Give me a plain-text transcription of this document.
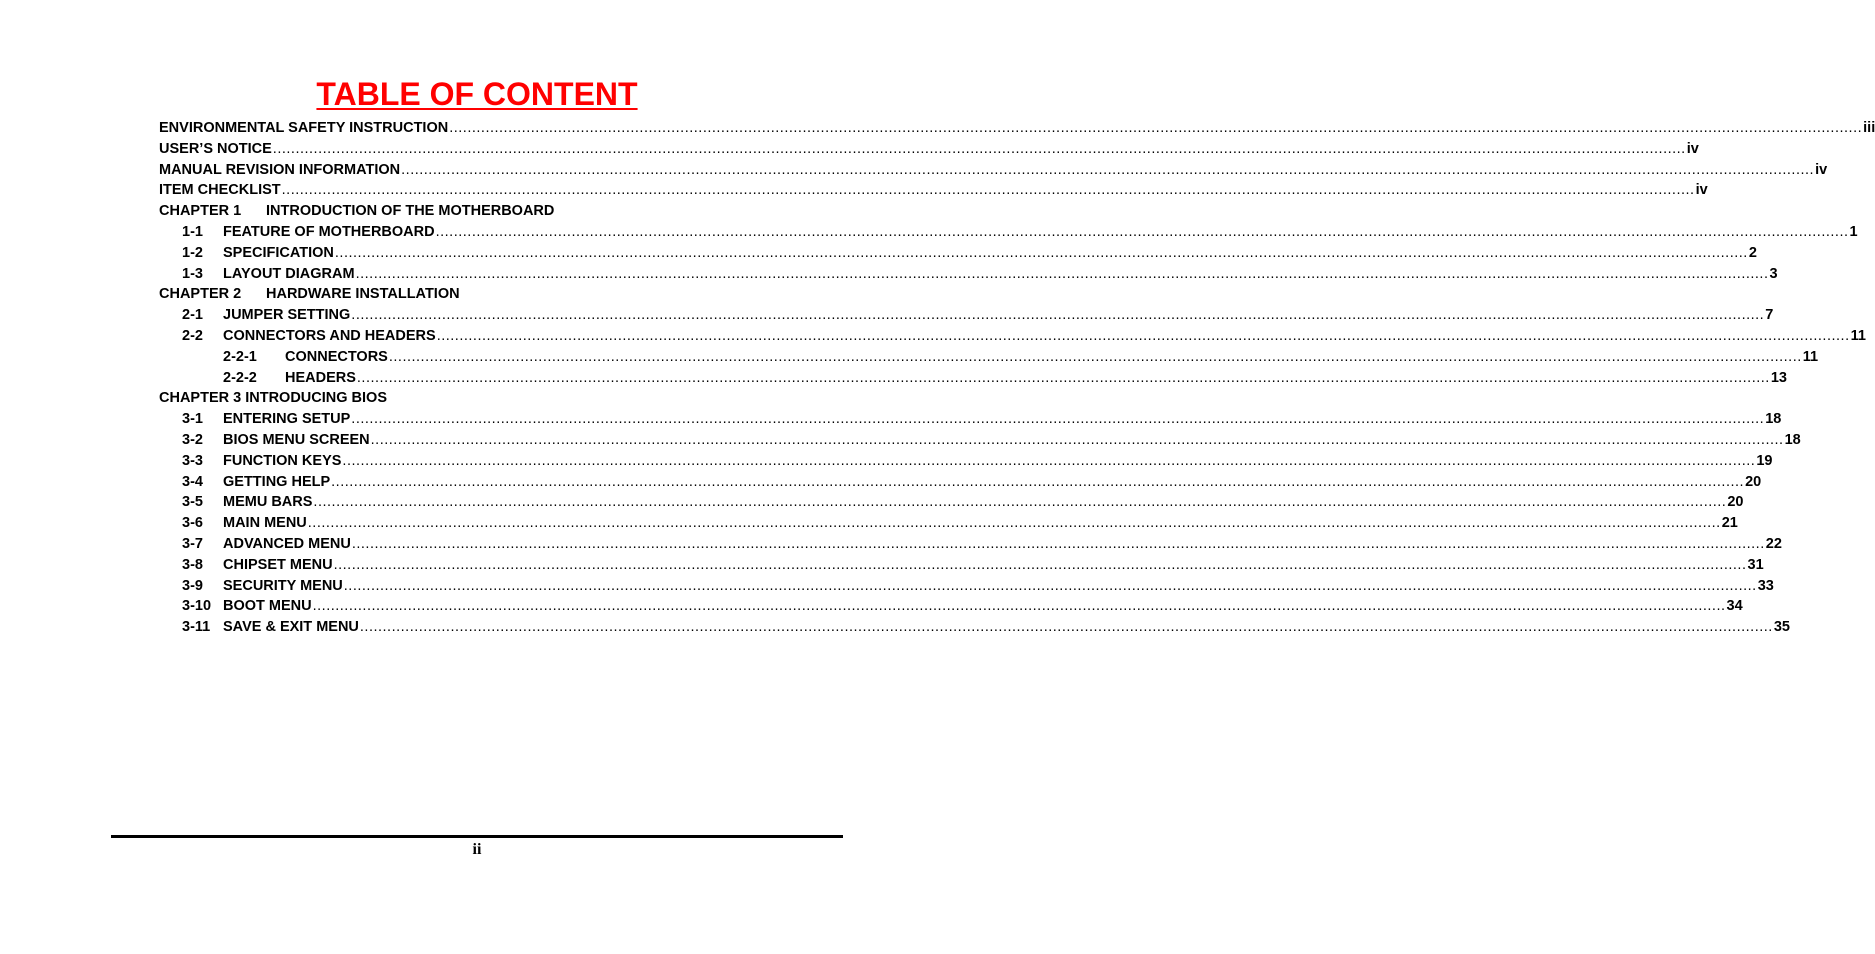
TABLE OF CONTENT
ENVIRONMENTAL SAFETY INSTRUCTION ........................................................................................................................................................................................................................................................................................................................ iii
USER’S NOTICE ........................................................................................................................................................................................................................................................................................................................ iv
MANUAL REVISION INFORMATION ........................................................................................................................................................................................................................................................................................................................ iv
ITEM CHECKLIST ........................................................................................................................................................................................................................................................................................................................ iv
CHAPTER 1 INTRODUCTION OF THE MOTHERBOARD
1-1 FEATURE OF MOTHERBOARD ........................................................................................................................................................................................................................................................................................................................ 1
1-2 SPECIFICATION ........................................................................................................................................................................................................................................................................................................................ 2
1-3 LAYOUT DIAGRAM ........................................................................................................................................................................................................................................................................................................................ 3
CHAPTER 2 HARDWARE INSTALLATION
2-1 JUMPER SETTING ........................................................................................................................................................................................................................................................................................................................ 7
2-2 CONNECTORS AND HEADERS ........................................................................................................................................................................................................................................................................................................................ 11
2-2-1 CONNECTORS ........................................................................................................................................................................................................................................................................................................................ 11
2-2-2 HEADERS ........................................................................................................................................................................................................................................................................................................................ 13
CHAPTER 3 INTRODUCING BIOS
3-1 ENTERING SETUP ........................................................................................................................................................................................................................................................................................................................ 18
3-2 BIOS MENU SCREEN ........................................................................................................................................................................................................................................................................................................................ 18
3-3 FUNCTION KEYS ........................................................................................................................................................................................................................................................................................................................ 19
3-4 GETTING HELP ........................................................................................................................................................................................................................................................................................................................ 20
3-5 MEMU BARS ........................................................................................................................................................................................................................................................................................................................ 20
3-6 MAIN MENU ........................................................................................................................................................................................................................................................................................................................ 21
3-7 ADVANCED MENU ........................................................................................................................................................................................................................................................................................................................ 22
3-8 CHIPSET MENU ........................................................................................................................................................................................................................................................................................................................ 31
3-9 SECURITY MENU ........................................................................................................................................................................................................................................................................................................................ 33
3-10 BOOT MENU ........................................................................................................................................................................................................................................................................................................................ 34
3-11 SAVE & EXIT MENU ........................................................................................................................................................................................................................................................................................................................ 35
ii
